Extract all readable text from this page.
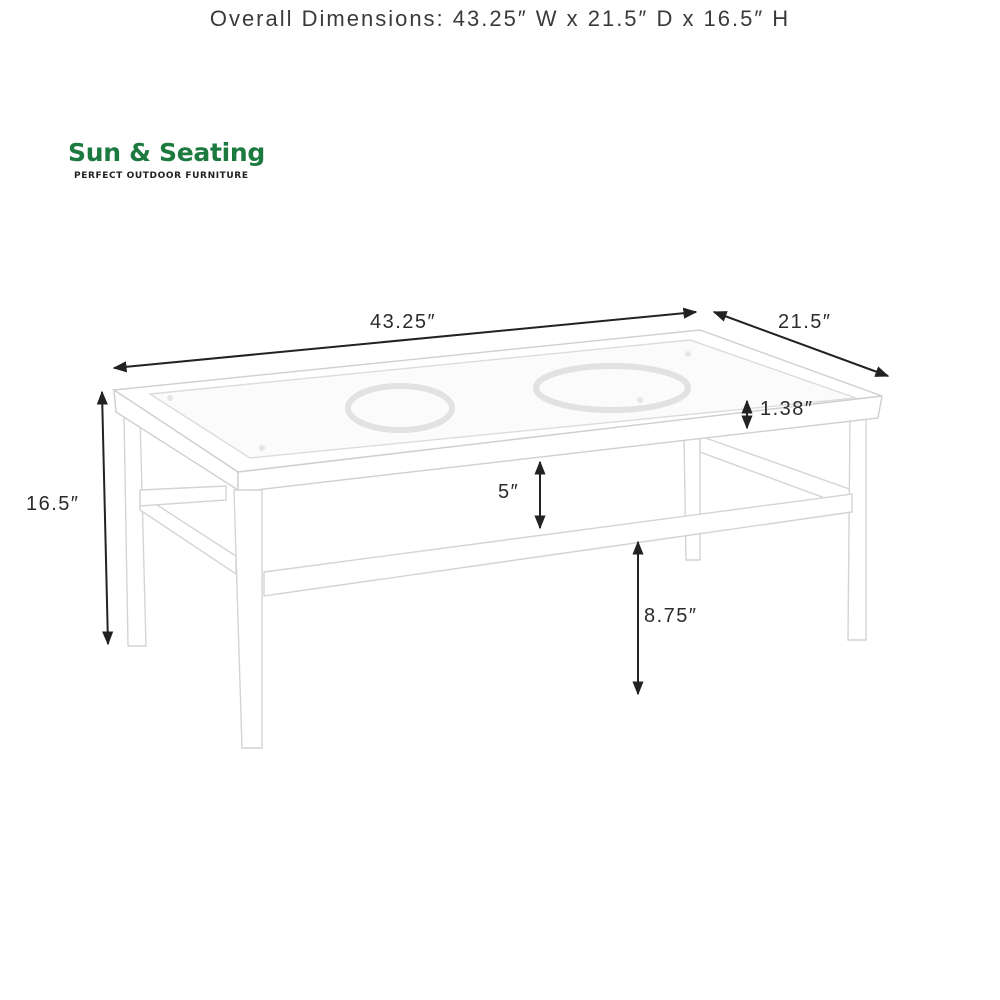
Overall Dimensions: 43.25″ W x 21.5″ D x 16.5″ H
Sun & Seating
PERFECT OUTDOOR FURNITURE
43.25″	21.5″
16.5″
1.38″
5″
8.75″
